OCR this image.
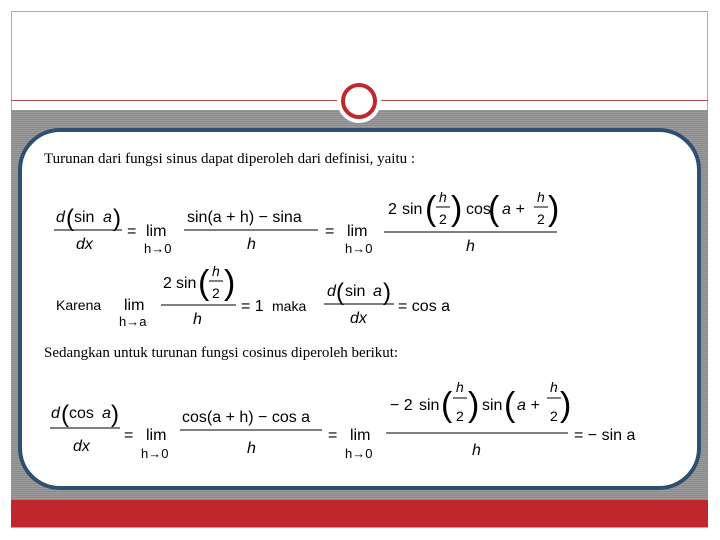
Turunan dari fungsi sinus dapat diperoleh dari definisi, yaitu :
Sedangkan untuk turunan fungsi cosinus diperoleh berikut:
d ( sin a )
dx
= lim
h→0
sin(a + h) − sina
h
= lim
h→0
2 sin ( h
2 ) cos
( a +
h
2 )
h
Karena lim
h→a
2 sin ( h
2 )
h
= 1 maka
d ( sin a )
dx
= cos a
d ( cos a )
dx
= lim
h→0
cos(a + h) − cos a
h
= lim
h→0
− 2 sin ( h
2 ) sin ( a +
h
2 )
h
= − sin a
